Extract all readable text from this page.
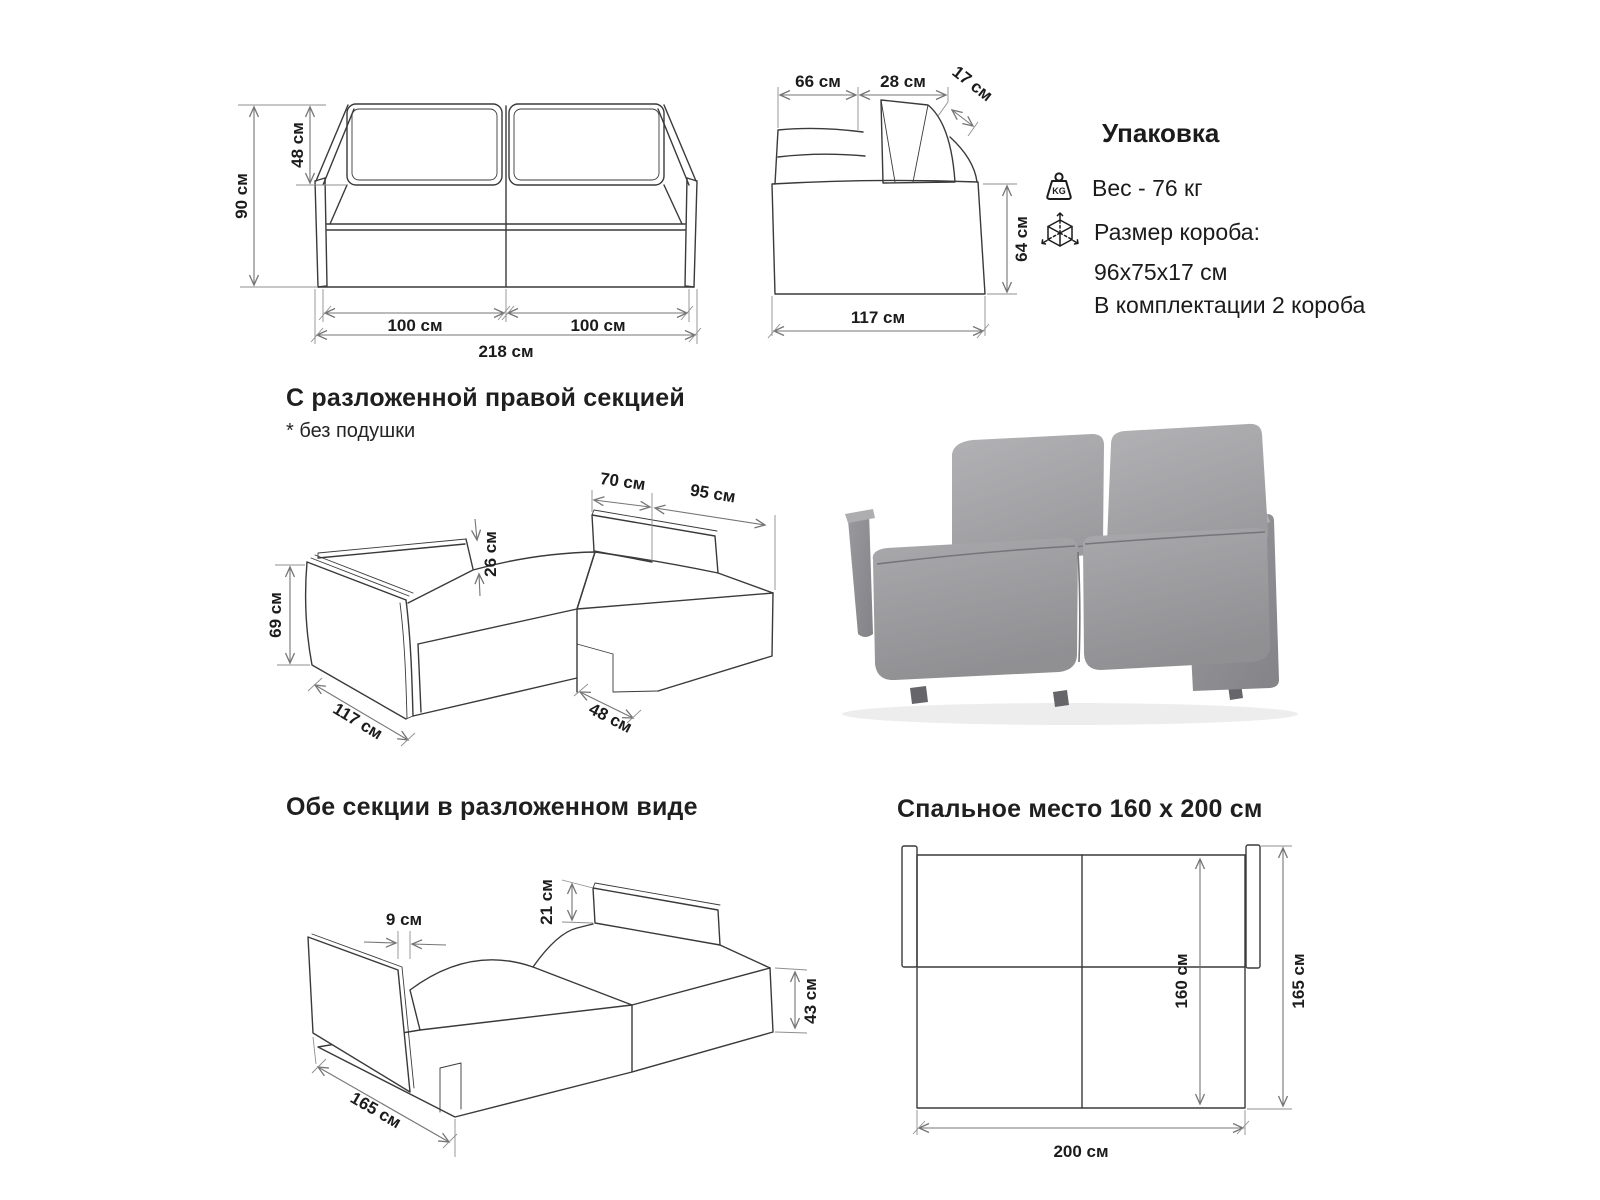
90 см
48 см
100 см	100 см
218 см
66 см 28 см 17 см
64 см
117 см
Упаковка
KG Вес - 76 кг
Размер короба:
96x75x17 см
В комплектации 2 короба
С разложенной правой секцией
* без подушки
69 см
117 см
26 см
70 см 95 см
48 см
Обе секции в разложенном виде
9 см	21 см
43 см
165 см
Спальное место 160 x 200 см
160 см	165 см
200 см
